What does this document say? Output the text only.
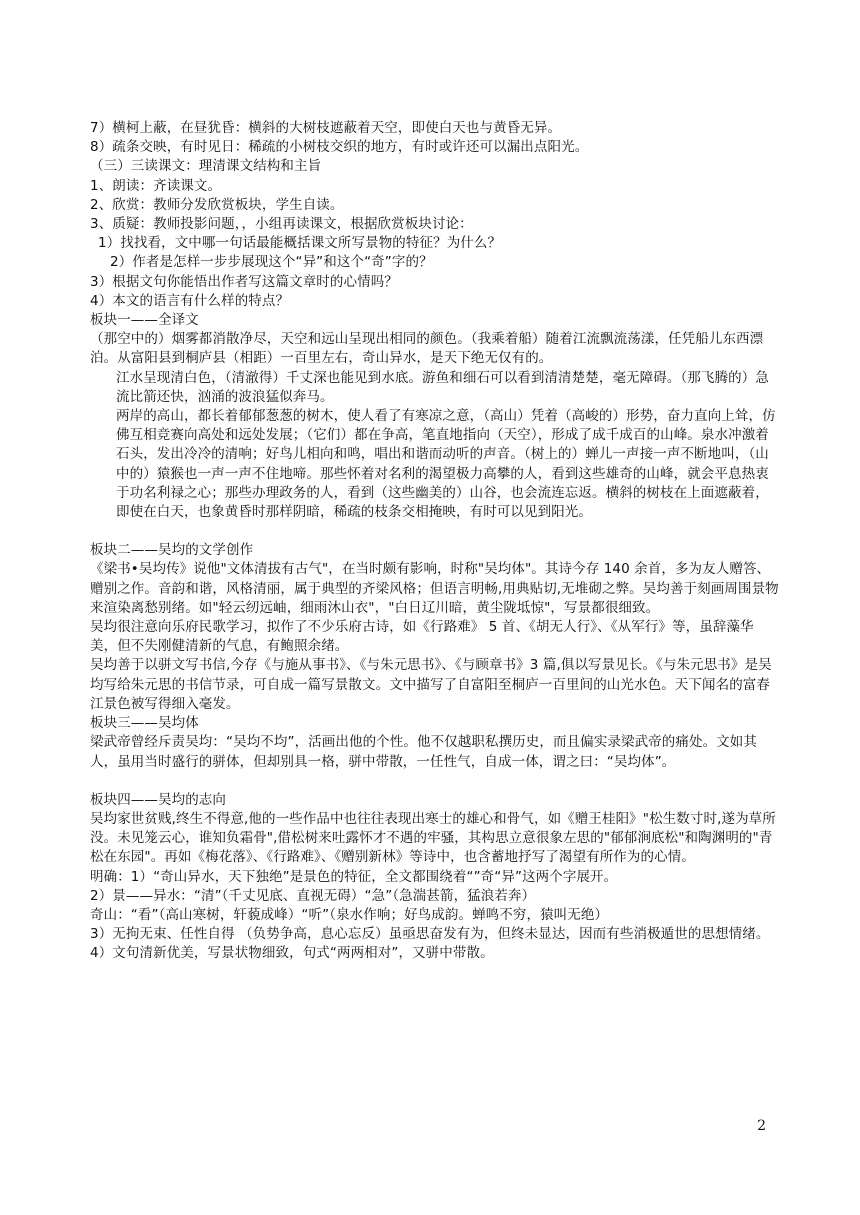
7）横柯上蔽，在昼犹昏：横斜的大树枝遮蔽着天空，即使白天也与黄昏无异。

8）疏条交映，有时见日：稀疏的小树枝交织的地方，有时或许还可以漏出点阳光。

（三）三读课文：理清课文结构和主旨

1、朗读：齐读课文。

2、欣赏：教师分发欣赏板块，学生自读。

3、质疑：教师投影问题，，小组再读课文，根据欣赏板块讨论：

1）找找看，文中哪一句话最能概括课文所写景物的特征？为什么？

2）作者是怎样一步步展现这个“异”和这个“奇”字的？

3）根据文句你能悟出作者写这篇文章时的心情吗？

4）本文的语言有什么样的特点？

板块一——全译文

（那空中的）烟雾都消散净尽，天空和远山呈现出相同的颜色。（我乘着船）随着江流飘流荡漾，任凭船儿东西漂泊。从富阳县到桐庐县（相距）一百里左右，奇山异水，是天下绝无仅有的。

江水呈现清白色，（清澈得）千丈深也能见到水底。游鱼和细石可以看到清清楚楚，毫无障碍。（那飞腾的）急流比箭还快，汹涌的波浪猛似奔马。

两岸的高山，都长着郁郁葱葱的树木，使人看了有寒凉之意，（高山）凭着（高峻的）形势，奋力直向上耸，仿佛互相竞赛向高处和远处发展；（它们）都在争高，笔直地指向（天空），形成了成千成百的山峰。泉水冲激着石头，发出冷冷的清响；好鸟儿相向和鸣，唱出和谐而动听的声音。（树上的）蝉儿一声接一声不断地叫，（山中的）猿猴也一声一声不住地啼。那些怀着对名利的渴望极力高攀的人，看到这些雄奇的山峰，就会平息热衷于功名利禄之心；那些办理政务的人，看到（这些幽美的）山谷，也会流连忘返。横斜的树枝在上面遮蔽着，即使在白天，也象黄昏时那样阴暗，稀疏的枝条交相掩映，有时可以见到阳光。

板块二——吴均的文学创作

《梁书•吴均传》说他"文体清拔有古气"，在当时颇有影响，时称"吴均体"。其诗今存 140 余首，多为友人赠答、赠别之作。音韵和谐，风格清丽，属于典型的齐梁风格；但语言明畅,用典贴切,无堆砌之弊。吴均善于刻画周围景物来渲染离愁别绪。如"轻云纫远岫，细雨沐山衣"，"白日辽川暗，黄尘陇坻惊"，写景都很细致。

吴均很注意向乐府民歌学习，拟作了不少乐府古诗，如《行路难》 5 首、《胡无人行》、《从军行》等，虽辞藻华美，但不失刚健清新的气息，有鲍照余绪。

吴均善于以骈文写书信,今存《与施从事书》、《与朱元思书》、《与顾章书》3 篇,俱以写景见长。《与朱元思书》是吴均写给朱元思的书信节录，可自成一篇写景散文。文中描写了自富阳至桐庐一百里间的山光水色。天下闻名的富春江景色被写得细入毫发。

板块三——吴均体

梁武帝曾经斥责吴均：“吴均不均”，活画出他的个性。他不仅越职私撰历史，而且偏实录梁武帝的痛处。文如其人，虽用当时盛行的骈体，但却别具一格，骈中带散，一任性气，自成一体，谓之曰：“吴均体”。

板块四——吴均的志向

吴均家世贫贱,终生不得意,他的一些作品中也往往表现出寒士的雄心和骨气，如《赠王桂阳》"松生数寸时,遂为草所没。未见笼云心，谁知负霜骨",借松树来吐露怀才不遇的牢骚，其构思立意很象左思的"郁郁涧底松"和陶渊明的"青松在东园"。再如《梅花落》、《行路难》、《赠别新林》等诗中，也含蓄地抒写了渴望有所作为的心情。

明确：1）“奇山异水，天下独绝”是景色的特征，全文都围绕着“”奇“异”这两个字展开。

2）景——异水：“清”（千丈见底、直视无碍）“急”（急湍甚箭，猛浪若奔）

奇山：“看”（高山寒树，轩藐成峰）“听”（泉水作响；好鸟成韵。蝉鸣不穷，猿叫无绝）

3）无拘无束、任性自得 （负势争高，息心忘反）虽亟思奋发有为，但终未显达，因而有些消极遁世的思想情绪。

4）文句清新优美，写景状物细致，句式“两两相对”，又骈中带散。

2
